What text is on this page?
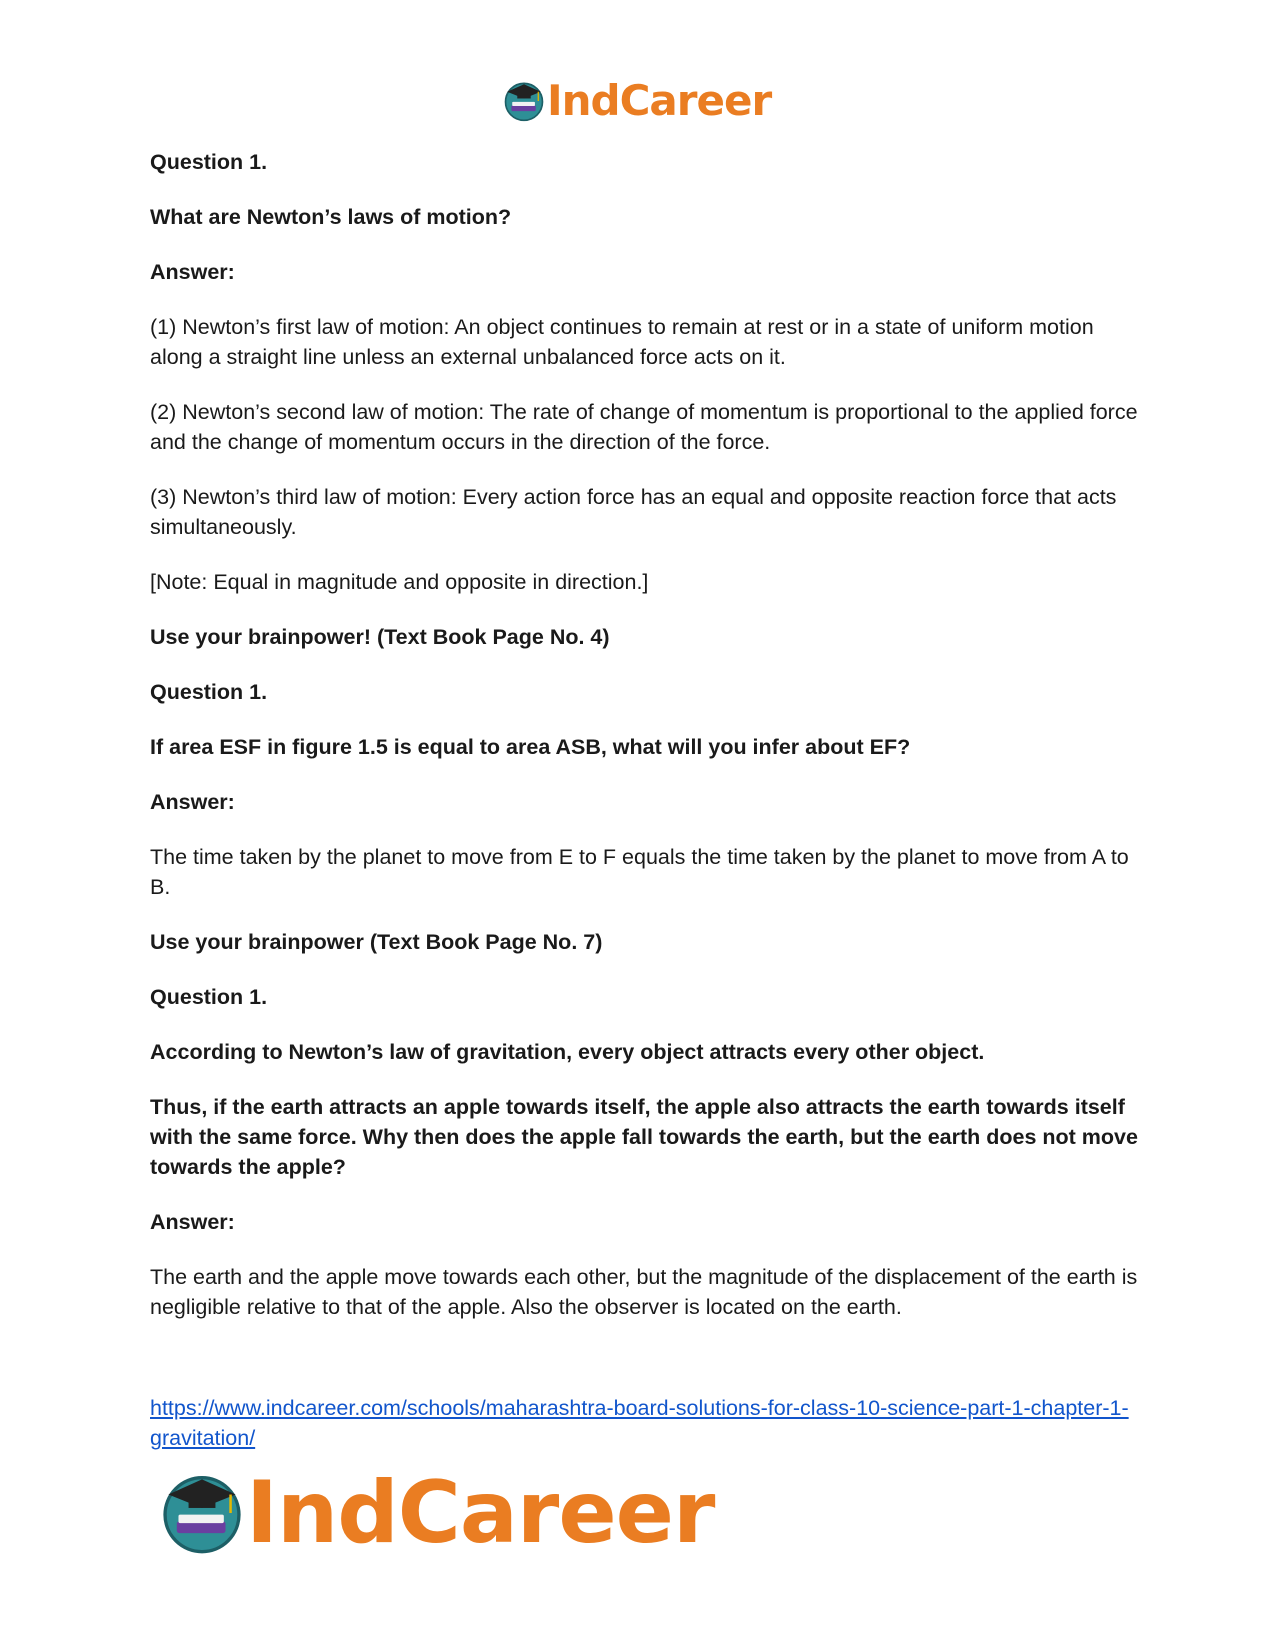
IndCareer

Question 1.

What are Newton’s laws of motion?

Answer:

(1) Newton’s first law of motion: An object continues to remain at rest or in a state of uniform motion along a straight line unless an external unbalanced force acts on it.

(2) Newton’s second law of motion: The rate of change of momentum is proportional to the applied force and the change of momentum occurs in the direction of the force.

(3) Newton’s third law of motion: Every action force has an equal and opposite reaction force that acts simultaneously.

[Note: Equal in magnitude and opposite in direction.]

Use your brainpower! (Text Book Page No. 4)

Question 1.

If area ESF in figure 1.5 is equal to area ASB, what will you infer about EF?

Answer:

The time taken by the planet to move from E to F equals the time taken by the planet to move from A to B.

Use your brainpower (Text Book Page No. 7)

Question 1.

According to Newton’s law of gravitation, every object attracts every other object.

Thus, if the earth attracts an apple towards itself, the apple also attracts the earth towards itself with the same force. Why then does the apple fall towards the earth, but the earth does not move towards the apple?

Answer:

The earth and the apple move towards each other, but the magnitude of the displacement of the earth is negligible relative to that of the apple. Also the observer is located on the earth.

https://www.indcareer.com/schools/maharashtra-board-solutions-for-class-10-science-part-1-chapter-1-gravitation/
IndCareer
